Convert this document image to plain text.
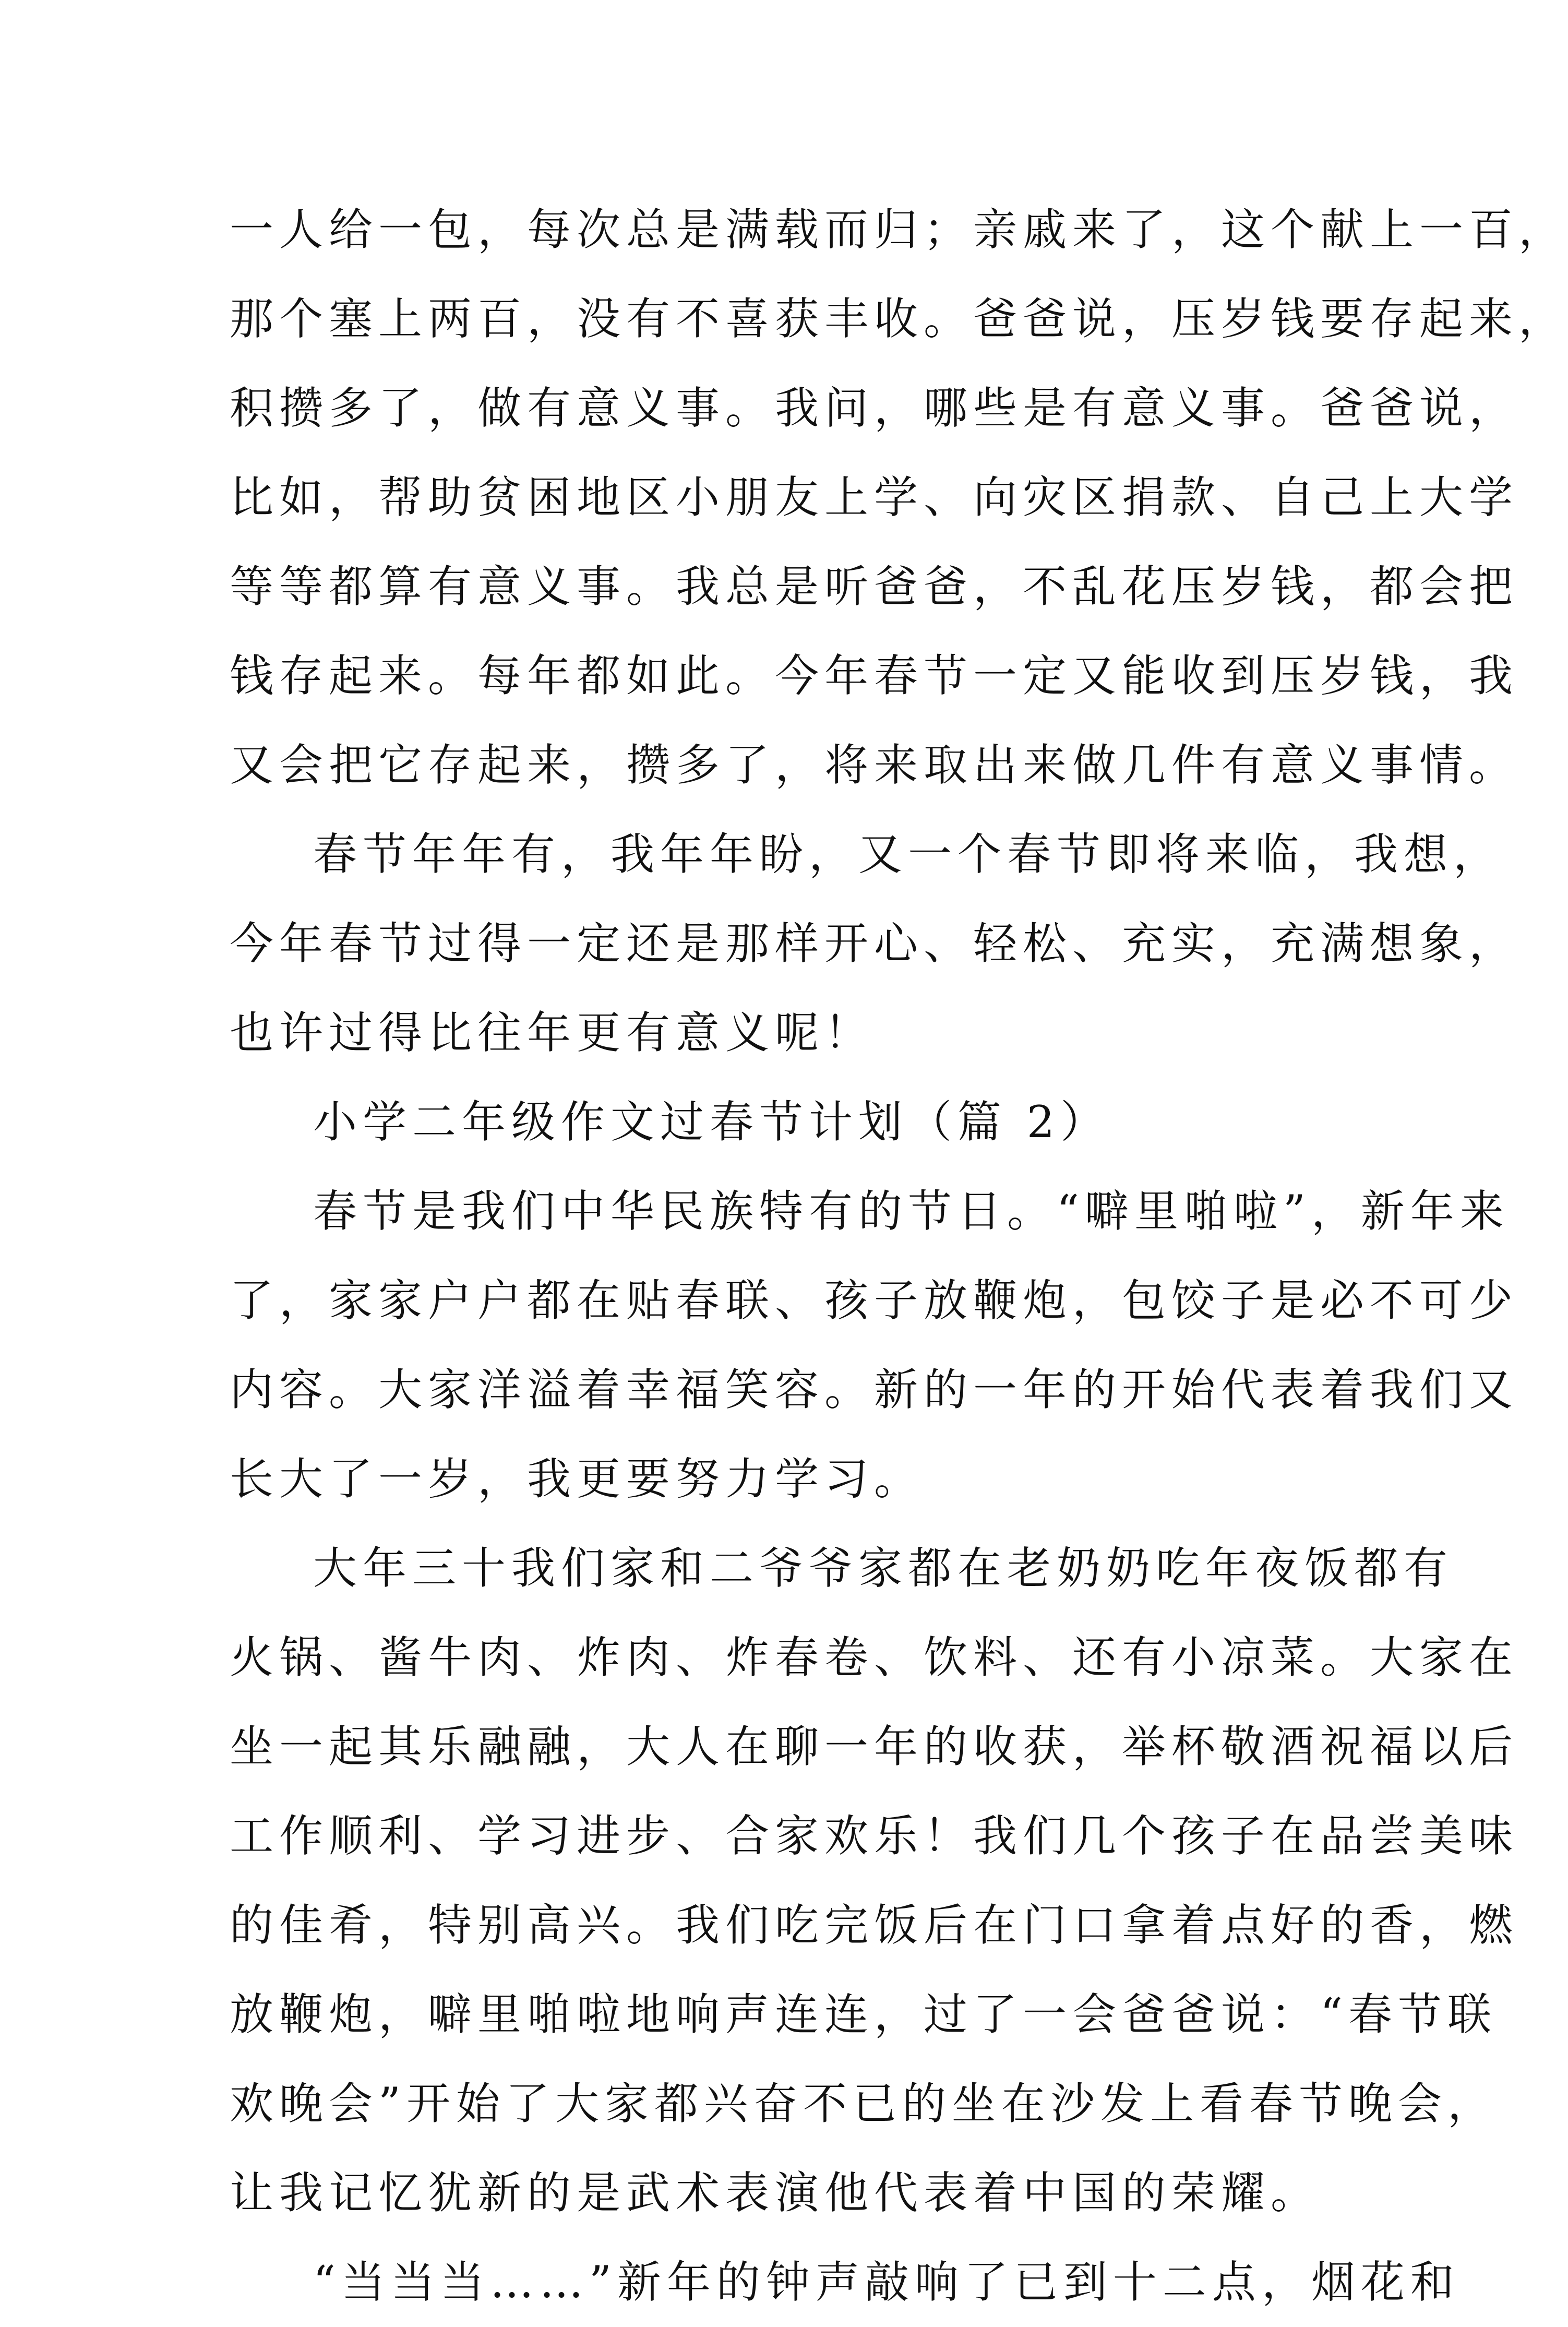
一人给一包，每次总是满载而归；亲戚来了，这个献上一百，
那个塞上两百，没有不喜获丰收。爸爸说，压岁钱要存起来，
积攒多了，做有意义事。我问，哪些是有意义事。爸爸说，
比如，帮助贫困地区小朋友上学、向灾区捐款、自己上大学
等等都算有意义事。我总是听爸爸，不乱花压岁钱，都会把
钱存起来。每年都如此。今年春节一定又能收到压岁钱，我
又会把它存起来，攒多了，将来取出来做几件有意义事情。
春节年年有，我年年盼，又一个春节即将来临，我想，
今年春节过得一定还是那样开心、轻松、充实，充满想象，
也许过得比往年更有意义呢！
小学二年级作文过春节计划（篇 2）
春节是我们中华民族特有的节日。“噼里啪啦”，新年来
了，家家户户都在贴春联、孩子放鞭炮，包饺子是必不可少
内容。大家洋溢着幸福笑容。新的一年的开始代表着我们又
长大了一岁，我更要努力学习。
大年三十我们家和二爷爷家都在老奶奶吃年夜饭都有
火锅、酱牛肉、炸肉、炸春卷、饮料、还有小凉菜。大家在
坐一起其乐融融，大人在聊一年的收获，举杯敬酒祝福以后
工作顺利、学习进步、合家欢乐！我们几个孩子在品尝美味
的佳肴，特别高兴。我们吃完饭后在门口拿着点好的香，燃
放鞭炮，噼里啪啦地响声连连，过了一会爸爸说：“春节联
欢晚会”开始了大家都兴奋不已的坐在沙发上看春节晚会，
让我记忆犹新的是武术表演他代表着中国的荣耀。
“当当当……”新年的钟声敲响了已到十二点，烟花和
